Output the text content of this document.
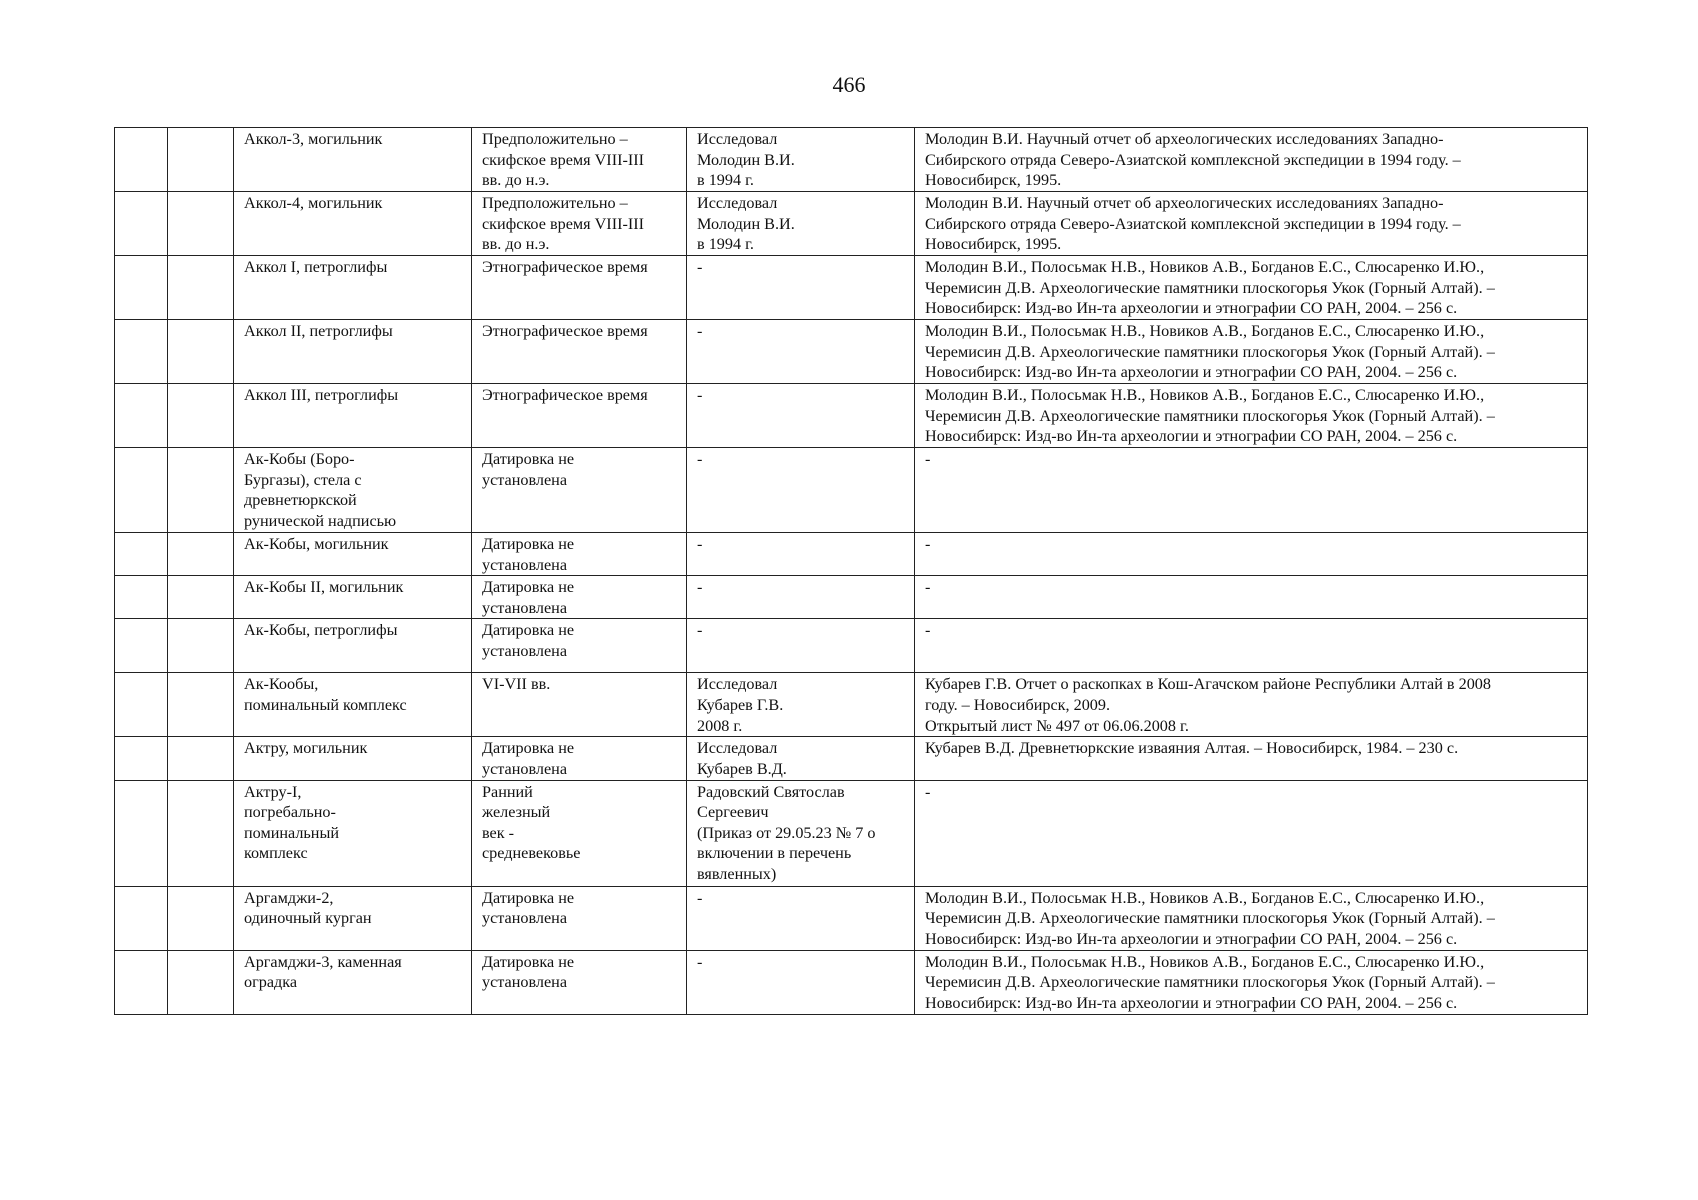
466
		Аккол-3, могильник	Предположительно –
скифское время VIII-III
вв. до н.э.	Исследовал
Молодин В.И.
в 1994 г.	Молодин В.И. Научный отчет об археологических исследованиях Западно-
Сибирского отряда Северо-Азиатской комплексной экспедиции в 1994 году. –
Новосибирск, 1995.
		Аккол-4, могильник	Предположительно –
скифское время VIII-III
вв. до н.э.	Исследовал
Молодин В.И.
в 1994 г.	Молодин В.И. Научный отчет об археологических исследованиях Западно-
Сибирского отряда Северо-Азиатской комплексной экспедиции в 1994 году. –
Новосибирск, 1995.
		Аккол I, петроглифы	Этнографическое время	-	Молодин В.И., Полосьмак Н.В., Новиков А.В., Богданов Е.С., Слюсаренко И.Ю.,
Черемисин Д.В. Археологические памятники плоскогорья Укок (Горный Алтай). –
Новосибирск: Изд-во Ин-та археологии и этнографии СО РАН, 2004. – 256 с.
		Аккол II, петроглифы	Этнографическое время	-	Молодин В.И., Полосьмак Н.В., Новиков А.В., Богданов Е.С., Слюсаренко И.Ю.,
Черемисин Д.В. Археологические памятники плоскогорья Укок (Горный Алтай). –
Новосибирск: Изд-во Ин-та археологии и этнографии СО РАН, 2004. – 256 с.
		Аккол III, петроглифы	Этнографическое время	-	Молодин В.И., Полосьмак Н.В., Новиков А.В., Богданов Е.С., Слюсаренко И.Ю.,
Черемисин Д.В. Археологические памятники плоскогорья Укок (Горный Алтай). –
Новосибирск: Изд-во Ин-та археологии и этнографии СО РАН, 2004. – 256 с.
		Ак-Кобы (Боро-
Бургазы), стела с
древнетюркской
рунической надписью	Датировка не
установлена	-	-
		Ак-Кобы, могильник	Датировка не
установлена	-	-
		Ак-Кобы II, могильник	Датировка не
установлена	-	-
		Ак-Кобы, петроглифы	Датировка не
установлена	-	-
		Ак-Кообы,
поминальный комплекс	VI-VII вв.	Исследовал
Кубарев Г.В.
2008 г.	Кубарев Г.В. Отчет о раскопках в Кош-Агачском районе Республики Алтай в 2008
году. – Новосибирск, 2009.
Открытый лист № 497 от 06.06.2008 г.
		Актру, могильник	Датировка не
установлена	Исследовал
Кубарев В.Д.	Кубарев В.Д. Древнетюркские изваяния Алтая. – Новосибирск, 1984. – 230 с.
		Актру-I,
погребально-
поминальный
комплекс	Ранний
железный
век -
средневековье	Радовский Святослав
Сергеевич
(Приказ от 29.05.23 № 7 о
включении в перечень
вявленных)	-
		Аргамджи-2,
одиночный курган	Датировка не
установлена	-	Молодин В.И., Полосьмак Н.В., Новиков А.В., Богданов Е.С., Слюсаренко И.Ю.,
Черемисин Д.В. Археологические памятники плоскогорья Укок (Горный Алтай). –
Новосибирск: Изд-во Ин-та археологии и этнографии СО РАН, 2004. – 256 с.
		Аргамджи-3, каменная
оградка	Датировка не
установлена	-	Молодин В.И., Полосьмак Н.В., Новиков А.В., Богданов Е.С., Слюсаренко И.Ю.,
Черемисин Д.В. Археологические памятники плоскогорья Укок (Горный Алтай). –
Новосибирск: Изд-во Ин-та археологии и этнографии СО РАН, 2004. – 256 с.
